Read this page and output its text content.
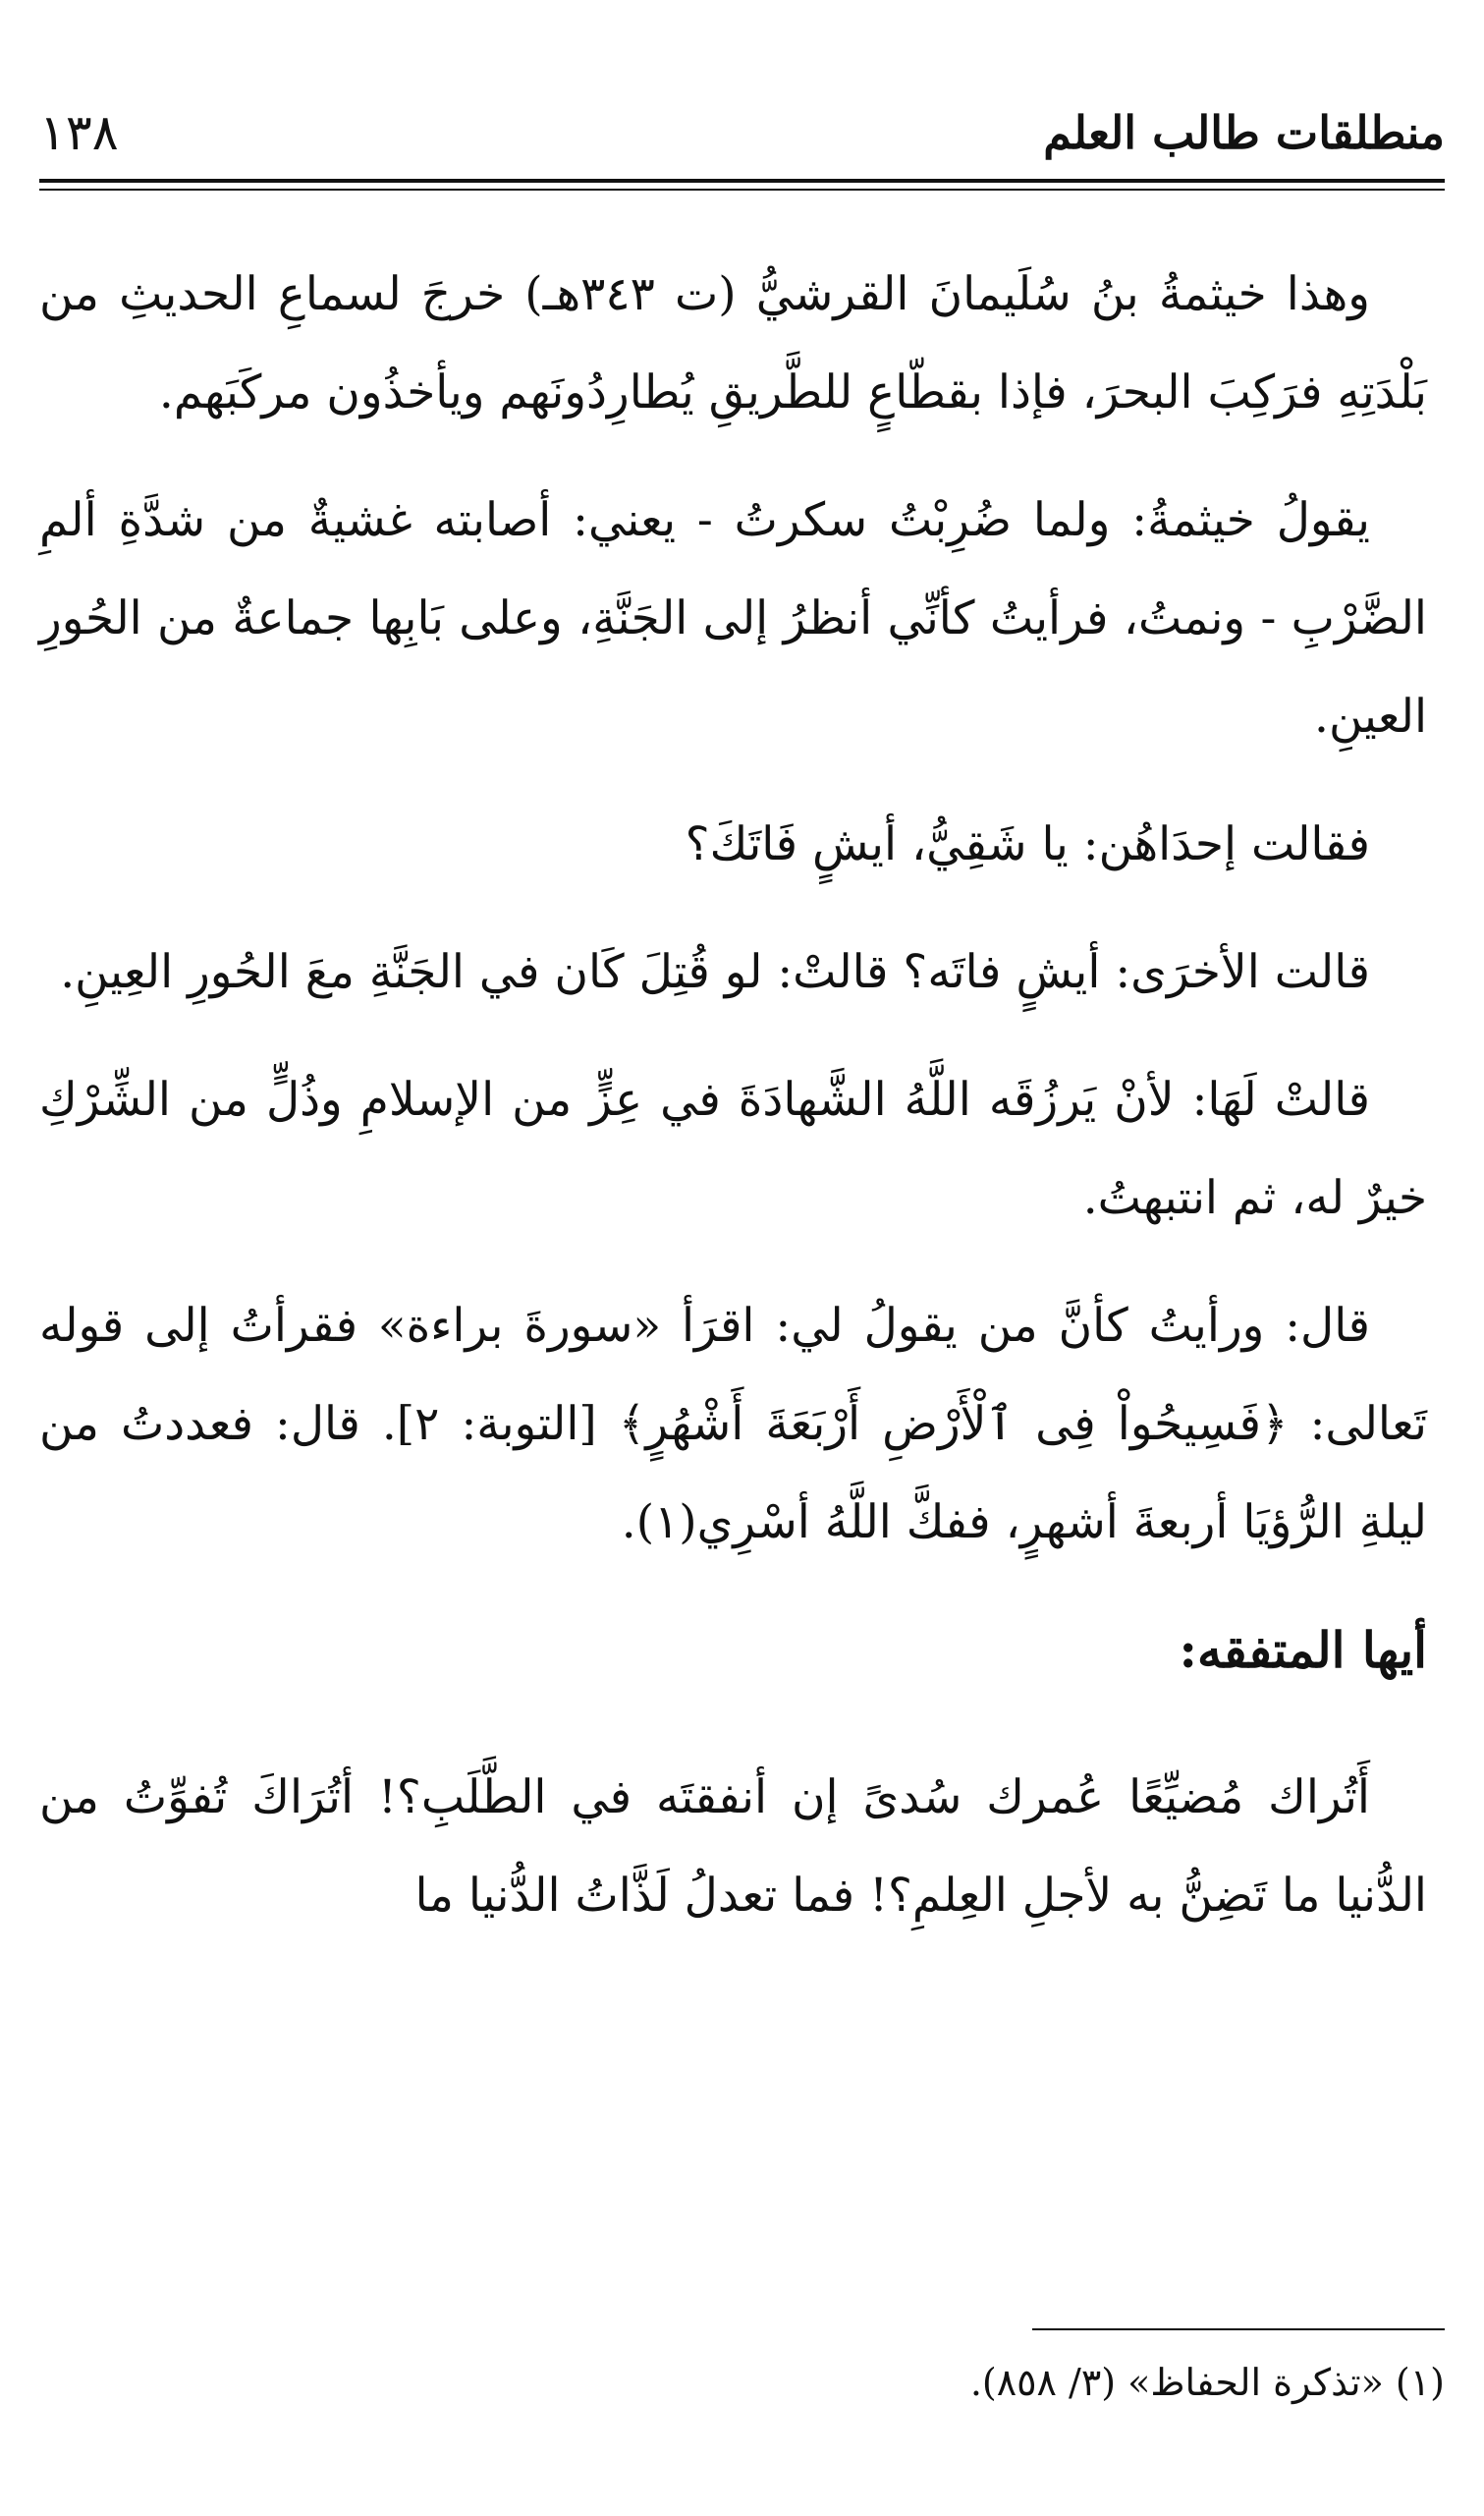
منطلقات طالب العلم
١٣٨

وهذا خيثمةُ بنُ سُلَيمانَ القرشيُّ (ت ٣٤٣هـ) خرجَ لسماعِ الحديثِ من بَلْدَتِهِ فرَكِبَ البحرَ، فإذا بقطّاعٍ للطَّريقِ يُطارِدُونَهم ويأخذُون مركَبَهم.

يقولُ خيثمةُ: ولما ضُرِبْتُ سكرتُ - يعني: أصابته غشيةٌ من شدَّةِ ألمِ الضَّرْبِ - ونمتُ، فرأيتُ كأنِّي أنظرُ إلى الجَنَّةِ، وعلى بَابِها جماعةٌ من الحُورِ العينِ.

فقالت إحدَاهُن: يا شَقِيُّ، أيشٍ فَاتَكَ؟

قالت الأخرَى: أيشٍ فاتَه؟ قالتْ: لو قُتِلَ كَان في الجَنَّةِ معَ الحُورِ العِينِ.

قالتْ لَهَا: لأنْ يَرزُقَه اللَّهُ الشَّهادَةَ في عِزٍّ من الإسلامِ وذُلٍّ من الشِّرْكِ خيرٌ له، ثم انتبهتُ.

قال: ورأيتُ كأنَّ من يقولُ لي: اقرَأ «سورةَ براءة» فقرأتُ إلى قوله تَعالى: ﴿فَسِيحُواْ فِى ٱلْأَرْضِ أَرْبَعَةَ أَشْهُرٍ﴾ [التوبة: ٢]. قال: فعددتُ من ليلةِ الرُّؤيَا أربعةَ أشهرٍ، ففكَّ اللَّهُ أسْرِي(١).

أيها المتفقه:

أَتُراك مُضيِّعًا عُمرك سُدىً إن أنفقتَه في الطَّلَبِ؟! أتُرَاكَ تُفوِّتُ من الدُّنيا ما تَضِنُّ به لأجلِ العِلمِ؟! فما تعدلُ لَذَّاتُ الدُّنيا ما

(١) «تذكرة الحفاظ» (٣/ ٨٥٨).
